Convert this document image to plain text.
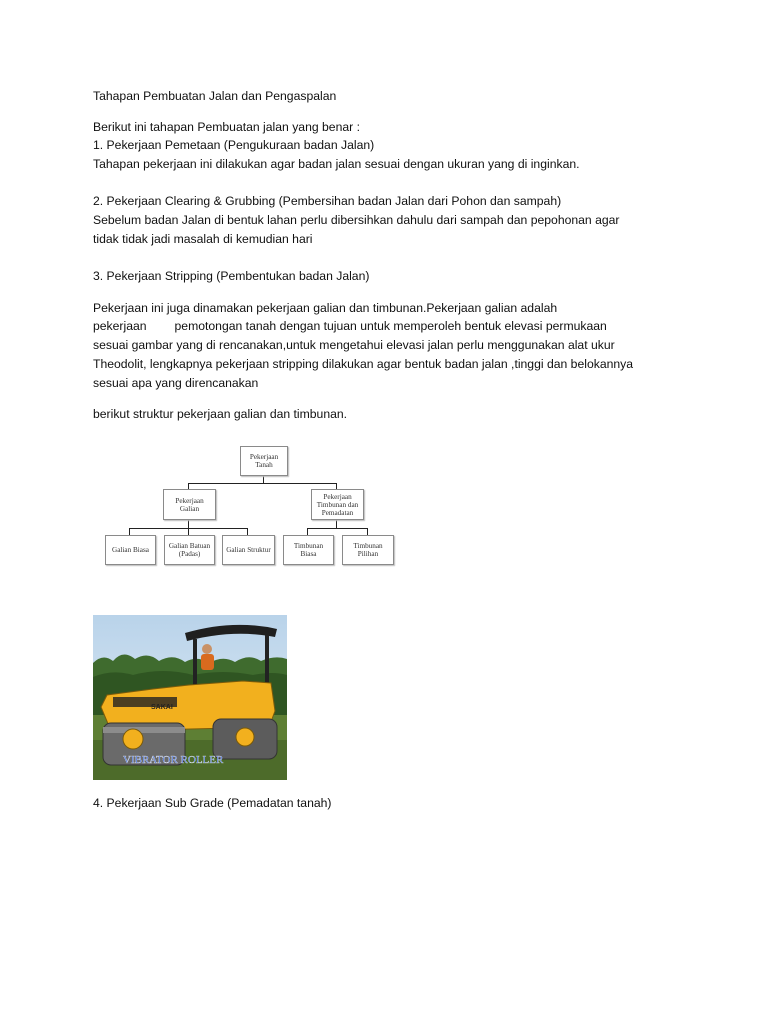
Tahapan Pembuatan Jalan dan Pengaspalan
Berikut ini tahapan Pembuatan jalan yang benar :
1. Pekerjaan Pemetaan (Pengukuraan badan Jalan)
Tahapan pekerjaan ini dilakukan agar badan jalan sesuai dengan ukuran yang di inginkan.
2. Pekerjaan Clearing & Grubbing (Pembersihan badan Jalan dari Pohon dan sampah)
Sebelum badan Jalan di bentuk lahan perlu dibersihkan dahulu dari sampah dan pepohonan agar
tidak tidak jadi masalah di kemudian hari
3. Pekerjaan Stripping (Pembentukan badan Jalan)
Pekerjaan ini juga dinamakan pekerjaan galian dan timbunan.Pekerjaan galian adalah
pekerjaan pemotongan tanah dengan tujuan untuk memperoleh bentuk elevasi permukaan
sesuai gambar yang di rencanakan,untuk mengetahui elevasi jalan perlu menggunakan alat ukur
Theodolit, lengkapnya pekerjaan stripping dilakukan agar bentuk badan jalan ,tinggi dan belokannya
sesuai apa yang direncanakan
berikut struktur pekerjaan galian dan timbunan.
Pekerjaan
Tanah
Pekerjaan
Galian
Pekerjaan
Timbunan dan
Pemadatan
Galian Biasa	Galian Batuan
(Padas)	Galian Struktur	Timbunan
Biasa
Timbunan
Pilihan
SAKAI
VIBRATOR ROLLER
4. Pekerjaan Sub Grade (Pemadatan tanah)
